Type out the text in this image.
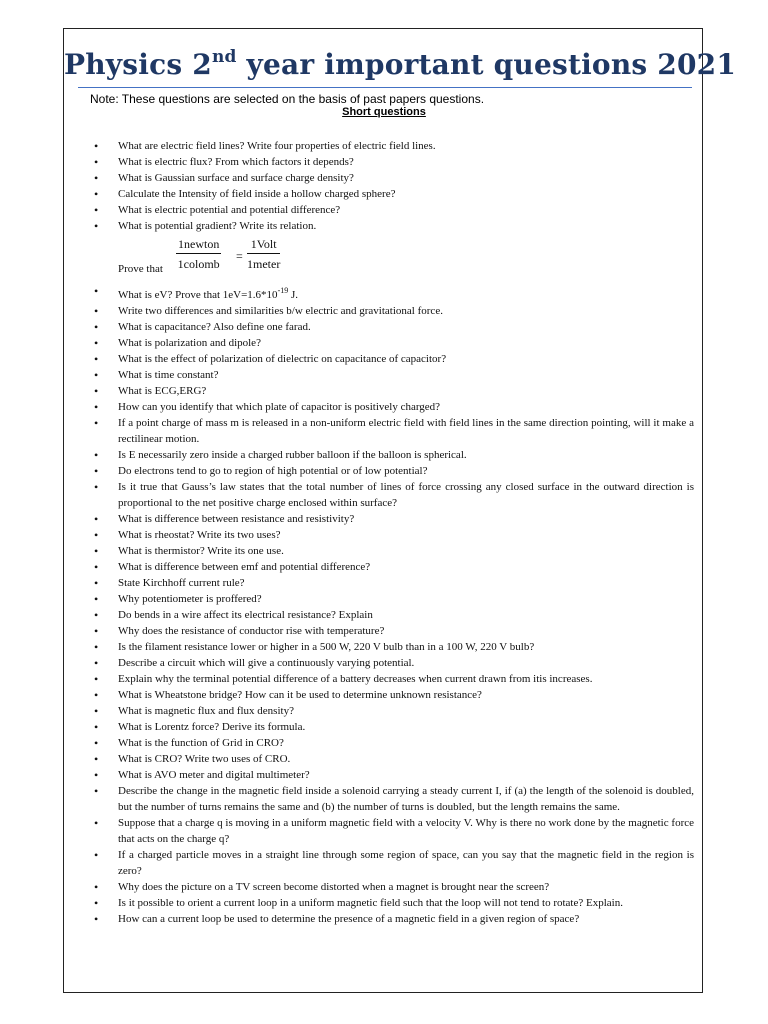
Physics 2nd year important questions 2021
Note: These questions are selected on the basis of past papers questions.
Short questions
• What are electric field lines? Write four properties of electric field lines.
• What is electric flux? From which factors it depends?
• What is Gaussian surface and surface charge density?
• Calculate the Intensity of field inside a hollow charged sphere?
• What is electric potential and potential difference?
• What is potential gradient? Write its relation.
Prove that
1newton
1colomb
=
1Volt
1meter
• What is eV? Prove that $1eV=1.6*10^{-19}$ J.
• Write two differences and similarities b/w electric and gravitational force.
• What is capacitance? Also define one farad.
• What is polarization and dipole?
• What is the effect of polarization of dielectric on capacitance of capacitor?
• What is time constant?
• What is ECG,ERG?
• How can you identify that which plate of capacitor is positively charged?
• If a point charge of mass m is released in a non-uniform electric field with field lines in the same direction pointing, will it make a rectilinear motion.
• Is E necessarily zero inside a charged rubber balloon if the balloon is spherical.
• Do electrons tend to go to region of high potential or of low potential?
• Is it true that Gauss’s law states that the total number of lines of force crossing any closed surface in the outward direction is proportional to the net positive charge enclosed within surface?
• What is difference between resistance and resistivity?
• What is rheostat? Write its two uses?
• What is thermistor? Write its one use.
• What is difference between emf and potential difference?
• State Kirchhoff current rule?
• Why potentiometer is proffered?
• Do bends in a wire affect its electrical resistance? Explain
• Why does the resistance of conductor rise with temperature?
• Is the filament resistance lower or higher in a 500 W, 220 V bulb than in a 100 W, 220 V bulb?
• Describe a circuit which will give a continuously varying potential.
• Explain why the terminal potential difference of a battery decreases when current drawn from itis increases.
• What is Wheatstone bridge? How can it be used to determine unknown resistance?
• What is magnetic flux and flux density?
• What is Lorentz force? Derive its formula.
• What is the function of Grid in CRO?
• What is CRO? Write two uses of CRO.
• What is AVO meter and digital multimeter?
• Describe the change in the magnetic field inside a solenoid carrying a steady current I, if (a) the length of the solenoid is doubled, but the number of turns remains the same and (b) the number of turns is doubled, but the length remains the same.
• Suppose that a charge q is moving in a uniform magnetic field with a velocity V. Why is there no work done by the magnetic force that acts on the charge q?
• If a charged particle moves in a straight line through some region of space, can you say that the magnetic field in the region is zero?
• Why does the picture on a TV screen become distorted when a magnet is brought near the screen?
• Is it possible to orient a current loop in a uniform magnetic field such that the loop will not tend to rotate? Explain.
• How can a current loop be used to determine the presence of a magnetic field in a given region of space?
